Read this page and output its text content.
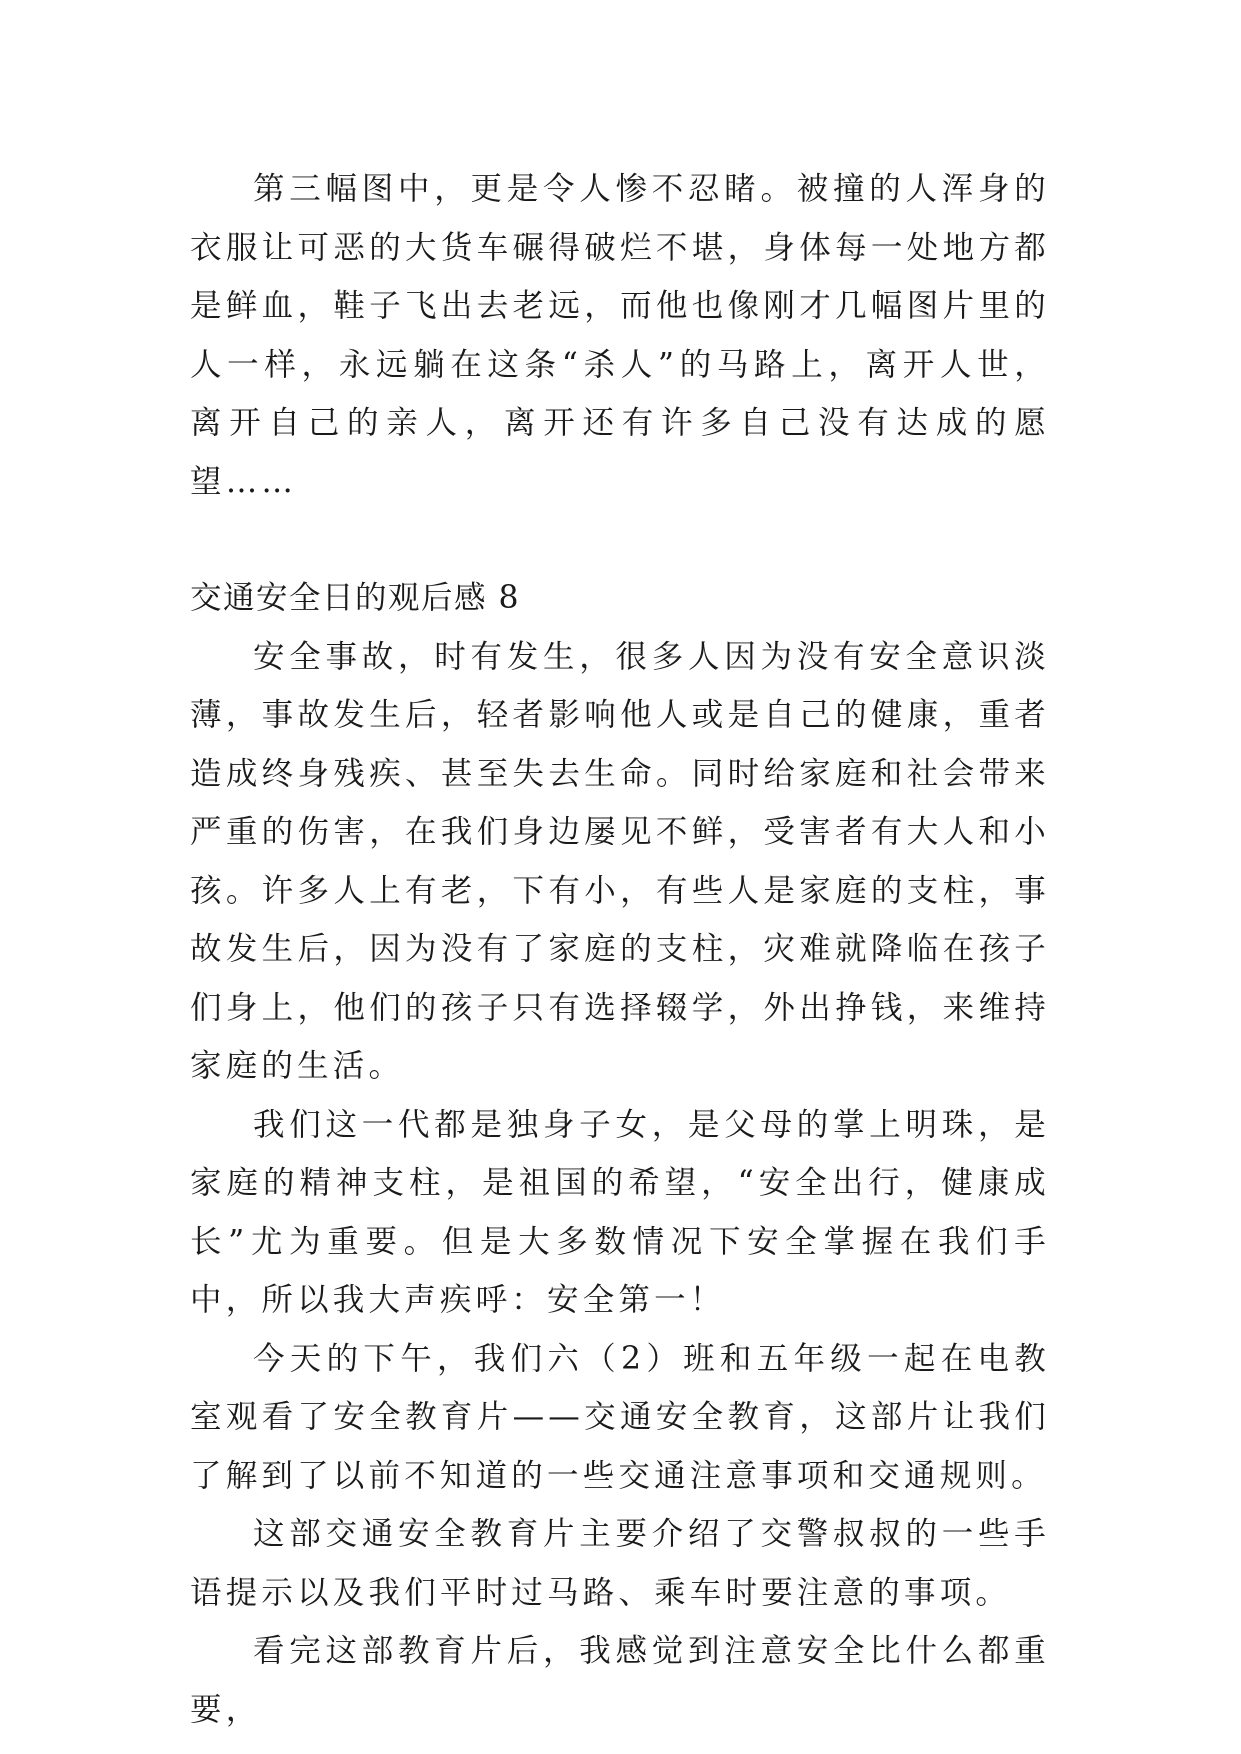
第三幅图中，更是令人惨不忍睹。被撞的人浑身的衣服让可恶的大货车碾得破烂不堪，身体每一处地方都是鲜血，鞋子飞出去老远，而他也像刚才几幅图片里的人一样，永远躺在这条“杀人”的马路上，离开人世，离开自己的亲人，离开还有许多自己没有达成的愿望……

交通安全日的观后感 8

安全事故，时有发生，很多人因为没有安全意识淡薄，事故发生后，轻者影响他人或是自己的健康，重者造成终身残疾、甚至失去生命。同时给家庭和社会带来严重的伤害，在我们身边屡见不鲜，受害者有大人和小孩。许多人上有老，下有小，有些人是家庭的支柱，事故发生后，因为没有了家庭的支柱，灾难就降临在孩子们身上，他们的孩子只有选择辍学，外出挣钱，来维持家庭的生活。

我们这一代都是独身子女，是父母的掌上明珠，是家庭的精神支柱，是祖国的希望，“安全出行，健康成长”尤为重要。但是大多数情况下安全掌握在我们手中，所以我大声疾呼：安全第一！

今天的下午，我们六（2）班和五年级一起在电教室观看了安全教育片——交通安全教育，这部片让我们了解到了以前不知道的一些交通注意事项和交通规则。

这部交通安全教育片主要介绍了交警叔叔的一些手语提示以及我们平时过马路、乘车时要注意的事项。

看完这部教育片后，我感觉到注意安全比什么都重要，
